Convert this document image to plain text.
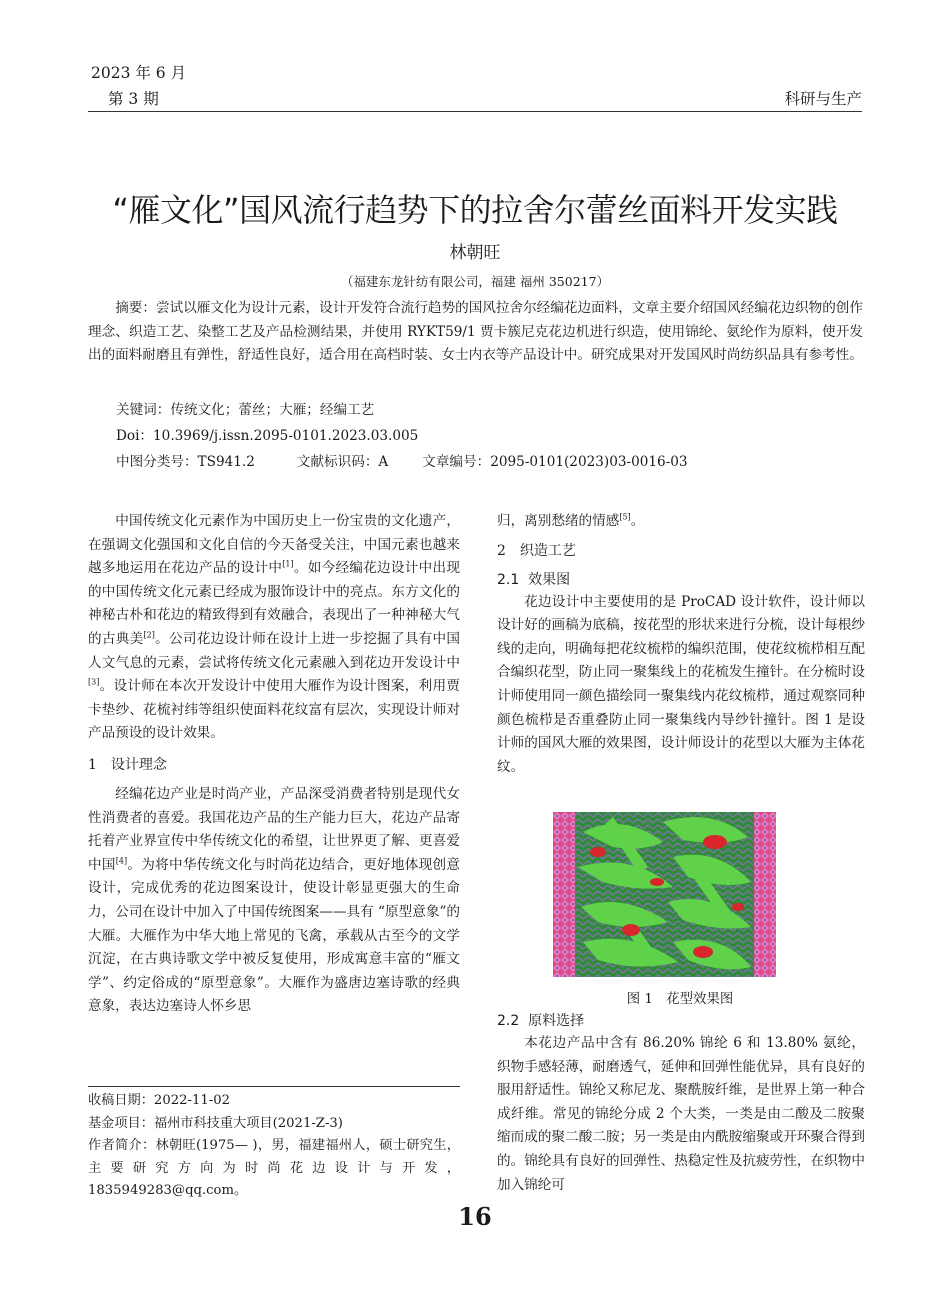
2023 年 6 月
第 3 期	科研与生产
“雁文化”国风流行趋势下的拉舍尔蕾丝面料开发实践
林朝旺
（福建东龙针纺有限公司，福建 福州 350217）

摘要：尝试以雁文化为设计元素，设计开发符合流行趋势的国风拉舍尔经编花边面料，文章主要介绍国风经编花边织物的创作理念、织造工艺、染整工艺及产品检测结果，并使用 RYKT59/1 贾卡簇尼克花边机进行织造，使用锦纶、氨纶作为原料，使开发出的面料耐磨且有弹性，舒适性良好，适合用在高档时装、女士内衣等产品设计中。研究成果对开发国风时尚纺织品具有参考性。

关键词：传统文化；蕾丝；大雁；经编工艺
Doi：10.3969/j.issn.2095-0101.2023.03.005
中图分类号：TS941.2	文献标识码：A	文章编号：2095-0101(2023)03-0016-03

中国传统文化元素作为中国历史上一份宝贵的文化遗产，在强调文化强国和文化自信的今天备受关注，中国元素也越来越多地运用在花边产品的设计中[1]。如今经编花边设计中出现的中国传统文化元素已经成为服饰设计中的亮点。东方文化的神秘古朴和花边的精致得到有效融合，表现出了一种神秘大气的古典美[2]。公司花边设计师在设计上进一步挖掘了具有中国人文气息的元素，尝试将传统文化元素融入到花边开发设计中[3]。设计师在本次开发设计中使用大雁作为设计图案，利用贾卡垫纱、花梳衬纬等组织使面料花纹富有层次，实现设计师对产品预设的设计效果。

1　设计理念

经编花边产业是时尚产业，产品深受消费者特别是现代女性消费者的喜爱。我国花边产品的生产能力巨大，花边产品寄托着产业界宣传中华传统文化的希望，让世界更了解、更喜爱中国[4]。为将中华传统文化与时尚花边结合，更好地体现创意设计，完成优秀的花边图案设计，使设计彰显更强大的生命力，公司在设计中加入了中国传统图案——具有 “原型意象”的大雁。大雁作为中华大地上常见的飞禽，承载从古至今的文学沉淀，在古典诗歌文学中被反复使用，形成寓意丰富的“雁文学”、约定俗成的“原型意象”。大雁作为盛唐边塞诗歌的经典意象，表达边塞诗人怀乡思

收稿日期：2022-11-02
基金项目：福州市科技重大项目(2021-Z-3)
作者简介：林朝旺(1975— )，男，福建福州人，硕士研究生，主要研究方向为时尚花边设计与开发，1835949283@qq.com。

归，离别愁绪的情感[5]。

2　织造工艺
2.1 效果图

花边设计中主要使用的是 ProCAD 设计软件，设计师以设计好的画稿为底稿，按花型的形状来进行分梳，设计每根纱线的走向，明确每把花纹梳栉的编织范围，使花纹梳栉相互配合编织花型，防止同一聚集线上的花梳发生撞针。在分梳时设计师使用同一颜色描绘同一聚集线内花纹梳栉，通过观察同种颜色梳栉是否重叠防止同一聚集线内导纱针撞针。图 1 是设计师的国风大雁的效果图，设计师设计的花型以大雁为主体花纹。

图 1　花型效果图
2.2 原料选择

本花边产品中含有 86.20% 锦纶 6 和 13.80% 氨纶，织物手感轻薄，耐磨透气，延伸和回弹性能优异，具有良好的服用舒适性。锦纶又称尼龙、聚酰胺纤维，是世界上第一种合成纤维。常见的锦纶分成 2 个大类，一类是由二酸及二胺聚缩而成的聚二酸二胺；另一类是由内酰胺缩聚或开环聚合得到的。锦纶具有良好的回弹性、热稳定性及抗疲劳性，在织物中加入锦纶可

16
